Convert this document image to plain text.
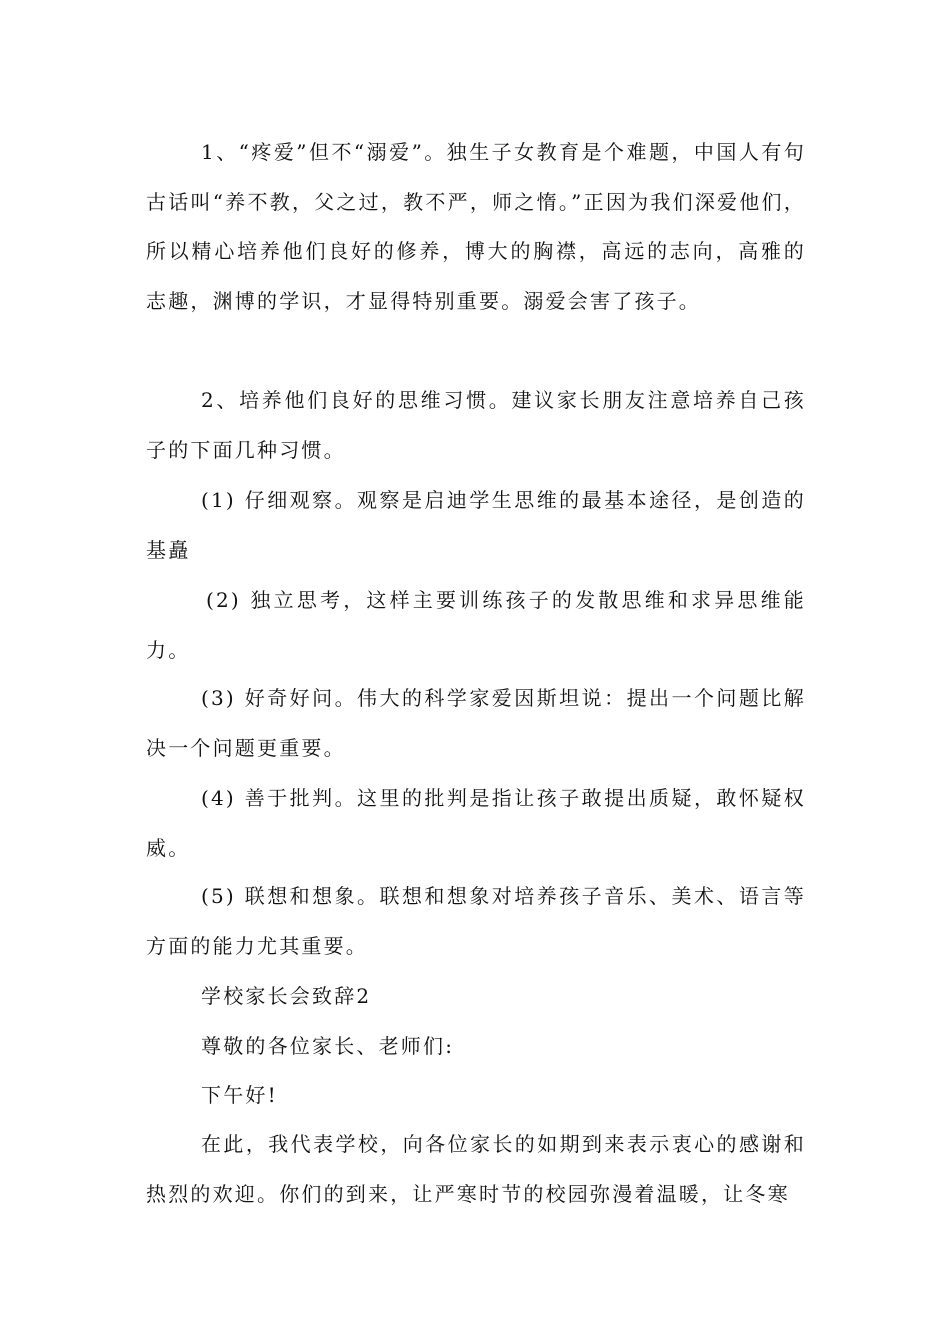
1、“疼爱”但不“溺爱”。独生子女教育是个难题，中国人有句古话叫“养不教，父之过，教不严，师之惰。”正因为我们深爱他们，所以精心培养他们良好的修养，博大的胸襟，高远的志向，高雅的志趣，渊博的学识，才显得特别重要。溺爱会害了孩子。

2、培养他们良好的思维习惯。建议家长朋友注意培养自己孩子的下面几种习惯。

(1) 仔细观察。观察是启迪学生思维的最基本途径，是创造的基矗

(2) 独立思考，这样主要训练孩子的发散思维和求异思维能力。

(3) 好奇好问。伟大的科学家爱因斯坦说：提出一个问题比解决一个问题更重要。

(4) 善于批判。这里的批判是指让孩子敢提出质疑，敢怀疑权威。

(5) 联想和想象。联想和想象对培养孩子音乐、美术、语言等方面的能力尤其重要。

学校家长会致辞2

尊敬的各位家长、老师们:

下午好!

在此，我代表学校，向各位家长的如期到来表示衷心的感谢和热烈的欢迎。你们的到来，让严寒时节的校园弥漫着温暖，让冬寒
